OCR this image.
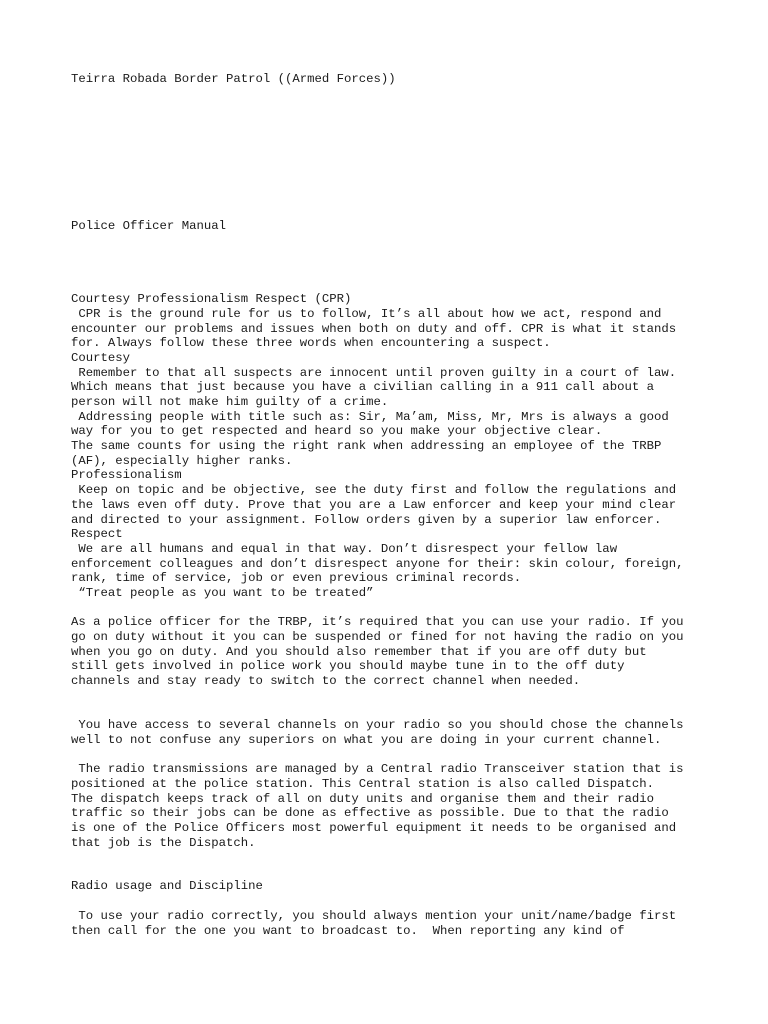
Teirra Robada Border Patrol ((Armed Forces))

Police Officer Manual

Courtesy Professionalism Respect (CPR)

CPR is the ground rule for us to follow, It’s all about how we act, respond and

encounter our problems and issues when both on duty and off. CPR is what it stands

for. Always follow these three words when encountering a suspect.

Courtesy

Remember to that all suspects are innocent until proven guilty in a court of law.

Which means that just because you have a civilian calling in a 911 call about a

person will not make him guilty of a crime.

Addressing people with title such as: Sir, Ma’am, Miss, Mr, Mrs is always a good

way for you to get respected and heard so you make your objective clear.

The same counts for using the right rank when addressing an employee of the TRBP

(AF), especially higher ranks.

Professionalism

Keep on topic and be objective, see the duty first and follow the regulations and

the laws even off duty. Prove that you are a Law enforcer and keep your mind clear

and directed to your assignment. Follow orders given by a superior law enforcer.

Respect

We are all humans and equal in that way. Don’t disrespect your fellow law

enforcement colleagues and don’t disrespect anyone for their: skin colour, foreign,

rank, time of service, job or even previous criminal records.

“Treat people as you want to be treated”

As a police officer for the TRBP, it’s required that you can use your radio. If you

go on duty without it you can be suspended or fined for not having the radio on you

when you go on duty. And you should also remember that if you are off duty but

still gets involved in police work you should maybe tune in to the off duty

channels and stay ready to switch to the correct channel when needed.

You have access to several channels on your radio so you should chose the channels

well to not confuse any superiors on what you are doing in your current channel.

The radio transmissions are managed by a Central radio Transceiver station that is

positioned at the police station. This Central station is also called Dispatch.

The dispatch keeps track of all on duty units and organise them and their radio

traffic so their jobs can be done as effective as possible. Due to that the radio

is one of the Police Officers most powerful equipment it needs to be organised and

that job is the Dispatch.

Radio usage and Discipline

To use your radio correctly, you should always mention your unit/name/badge first

then call for the one you want to broadcast to.  When reporting any kind of
